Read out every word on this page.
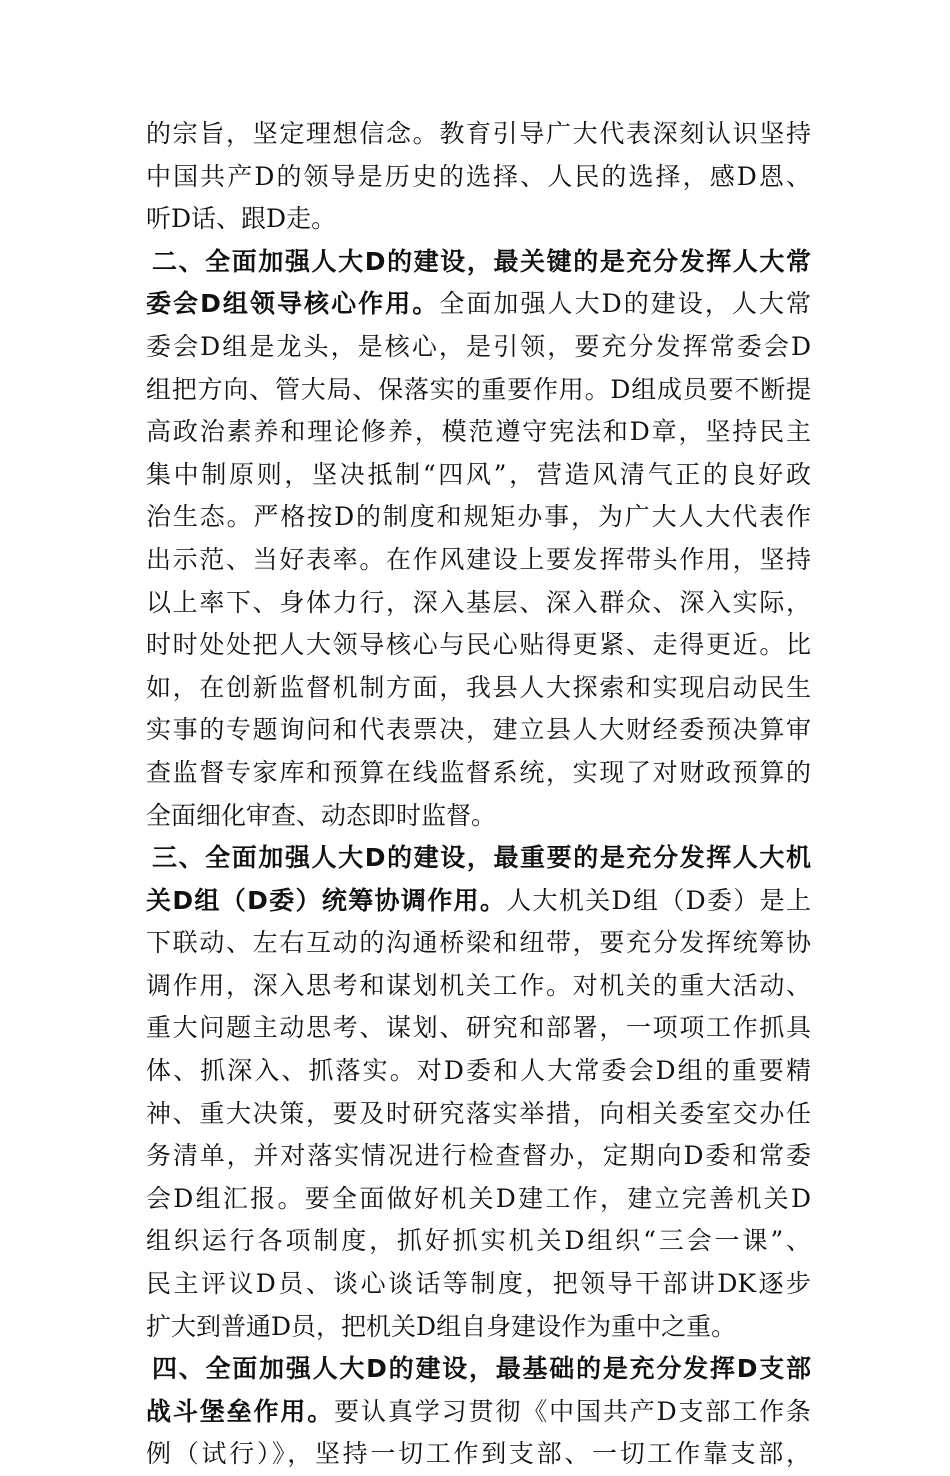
的宗旨，坚定理想信念。教育引导广大代表深刻认识坚持
中国共产D的领导是历史的选择、人民的选择，感D恩、
听D话、跟D走。
二、全面加强人大D的建设，最关键的是充分发挥人大常
委会D组领导核心作用。全面加强人大D的建设，人大常
委会D组是龙头，是核心，是引领，要充分发挥常委会D
组把方向、管大局、保落实的重要作用。D组成员要不断提
高政治素养和理论修养，模范遵守宪法和D章，坚持民主
集中制原则，坚决抵制“四风”，营造风清气正的良好政
治生态。严格按D的制度和规矩办事，为广大人大代表作
出示范、当好表率。在作风建设上要发挥带头作用，坚持
以上率下、身体力行，深入基层、深入群众、深入实际，
时时处处把人大领导核心与民心贴得更紧、走得更近。比
如，在创新监督机制方面，我县人大探索和实现启动民生
实事的专题询问和代表票决，建立县人大财经委预决算审
查监督专家库和预算在线监督系统，实现了对财政预算的
全面细化审查、动态即时监督。
三、全面加强人大D的建设，最重要的是充分发挥人大机
关D组（D委）统筹协调作用。人大机关D组（D委）是上
下联动、左右互动的沟通桥梁和纽带，要充分发挥统筹协
调作用，深入思考和谋划机关工作。对机关的重大活动、
重大问题主动思考、谋划、研究和部署，一项项工作抓具
体、抓深入、抓落实。对D委和人大常委会D组的重要精
神、重大决策，要及时研究落实举措，向相关委室交办任
务清单，并对落实情况进行检查督办，定期向D委和常委
会D组汇报。要全面做好机关D建工作，建立完善机关D
组织运行各项制度，抓好抓实机关D组织“三会一课”、
民主评议D员、谈心谈话等制度，把领导干部讲DK逐步
扩大到普通D员，把机关D组自身建设作为重中之重。
四、全面加强人大D的建设，最基础的是充分发挥D支部
战斗堡垒作用。要认真学习贯彻《中国共产D支部工作条
例（试行）》，坚持一切工作到支部、一切工作靠支部，
